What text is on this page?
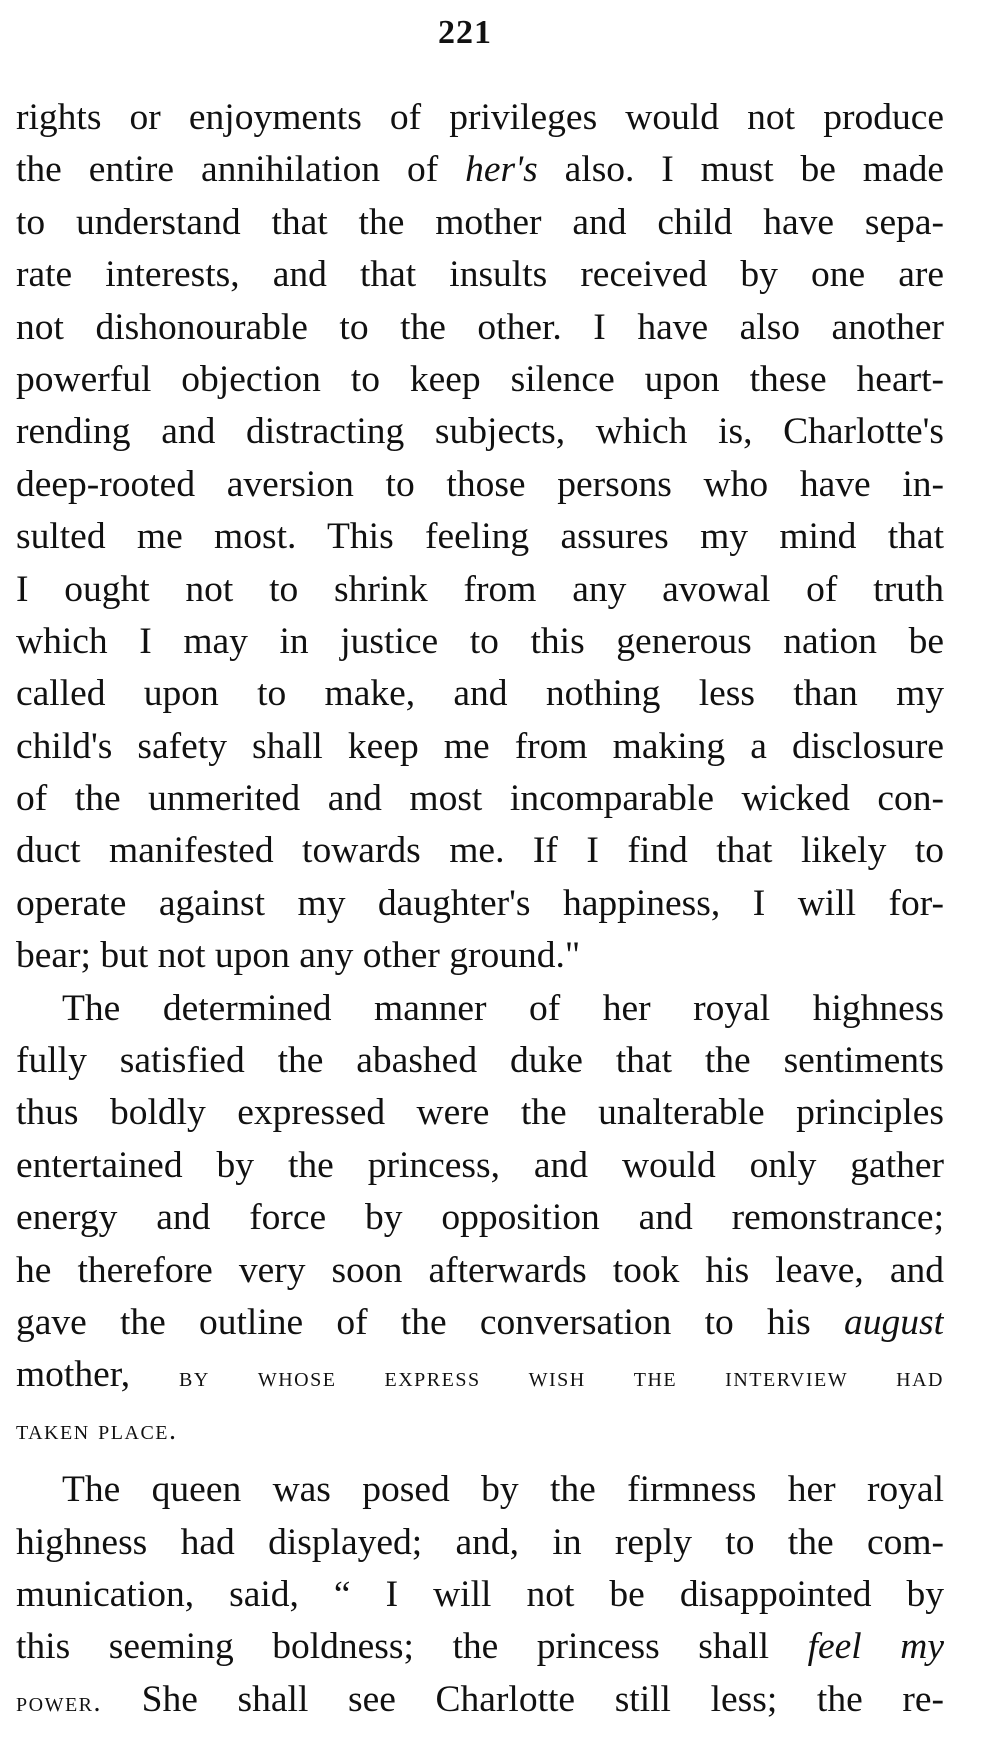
221
rights or enjoyments of privileges would not produce
the entire annihilation of her's also. I must be made
to understand that the mother and child have sepa-
rate interests, and that insults received by one are
not dishonourable to the other. I have also another
powerful objection to keep silence upon these heart-
rending and distracting subjects, which is, Charlotte's
deep-rooted aversion to those persons who have in-
sulted me most. This feeling assures my mind that
I ought not to shrink from any avowal of truth
which I may in justice to this generous nation be
called upon to make, and nothing less than my
child's safety shall keep me from making a disclosure
of the unmerited and most incomparable wicked con-
duct manifested towards me. If I find that likely to
operate against my daughter's happiness, I will for-
bear; but not upon any other ground."
The determined manner of her royal highness
fully satisfied the abashed duke that the sentiments
thus boldly expressed were the unalterable principles
entertained by the princess, and would only gather
energy and force by opposition and remonstrance;
he therefore very soon afterwards took his leave, and
gave the outline of the conversation to his august
mother, by whose express wish the interview had
taken place.
The queen was posed by the firmness her royal
highness had displayed; and, in reply to the com-
munication, said, “ I will not be disappointed by
this seeming boldness; the princess shall feel my
power. She shall see Charlotte still less; the re-
